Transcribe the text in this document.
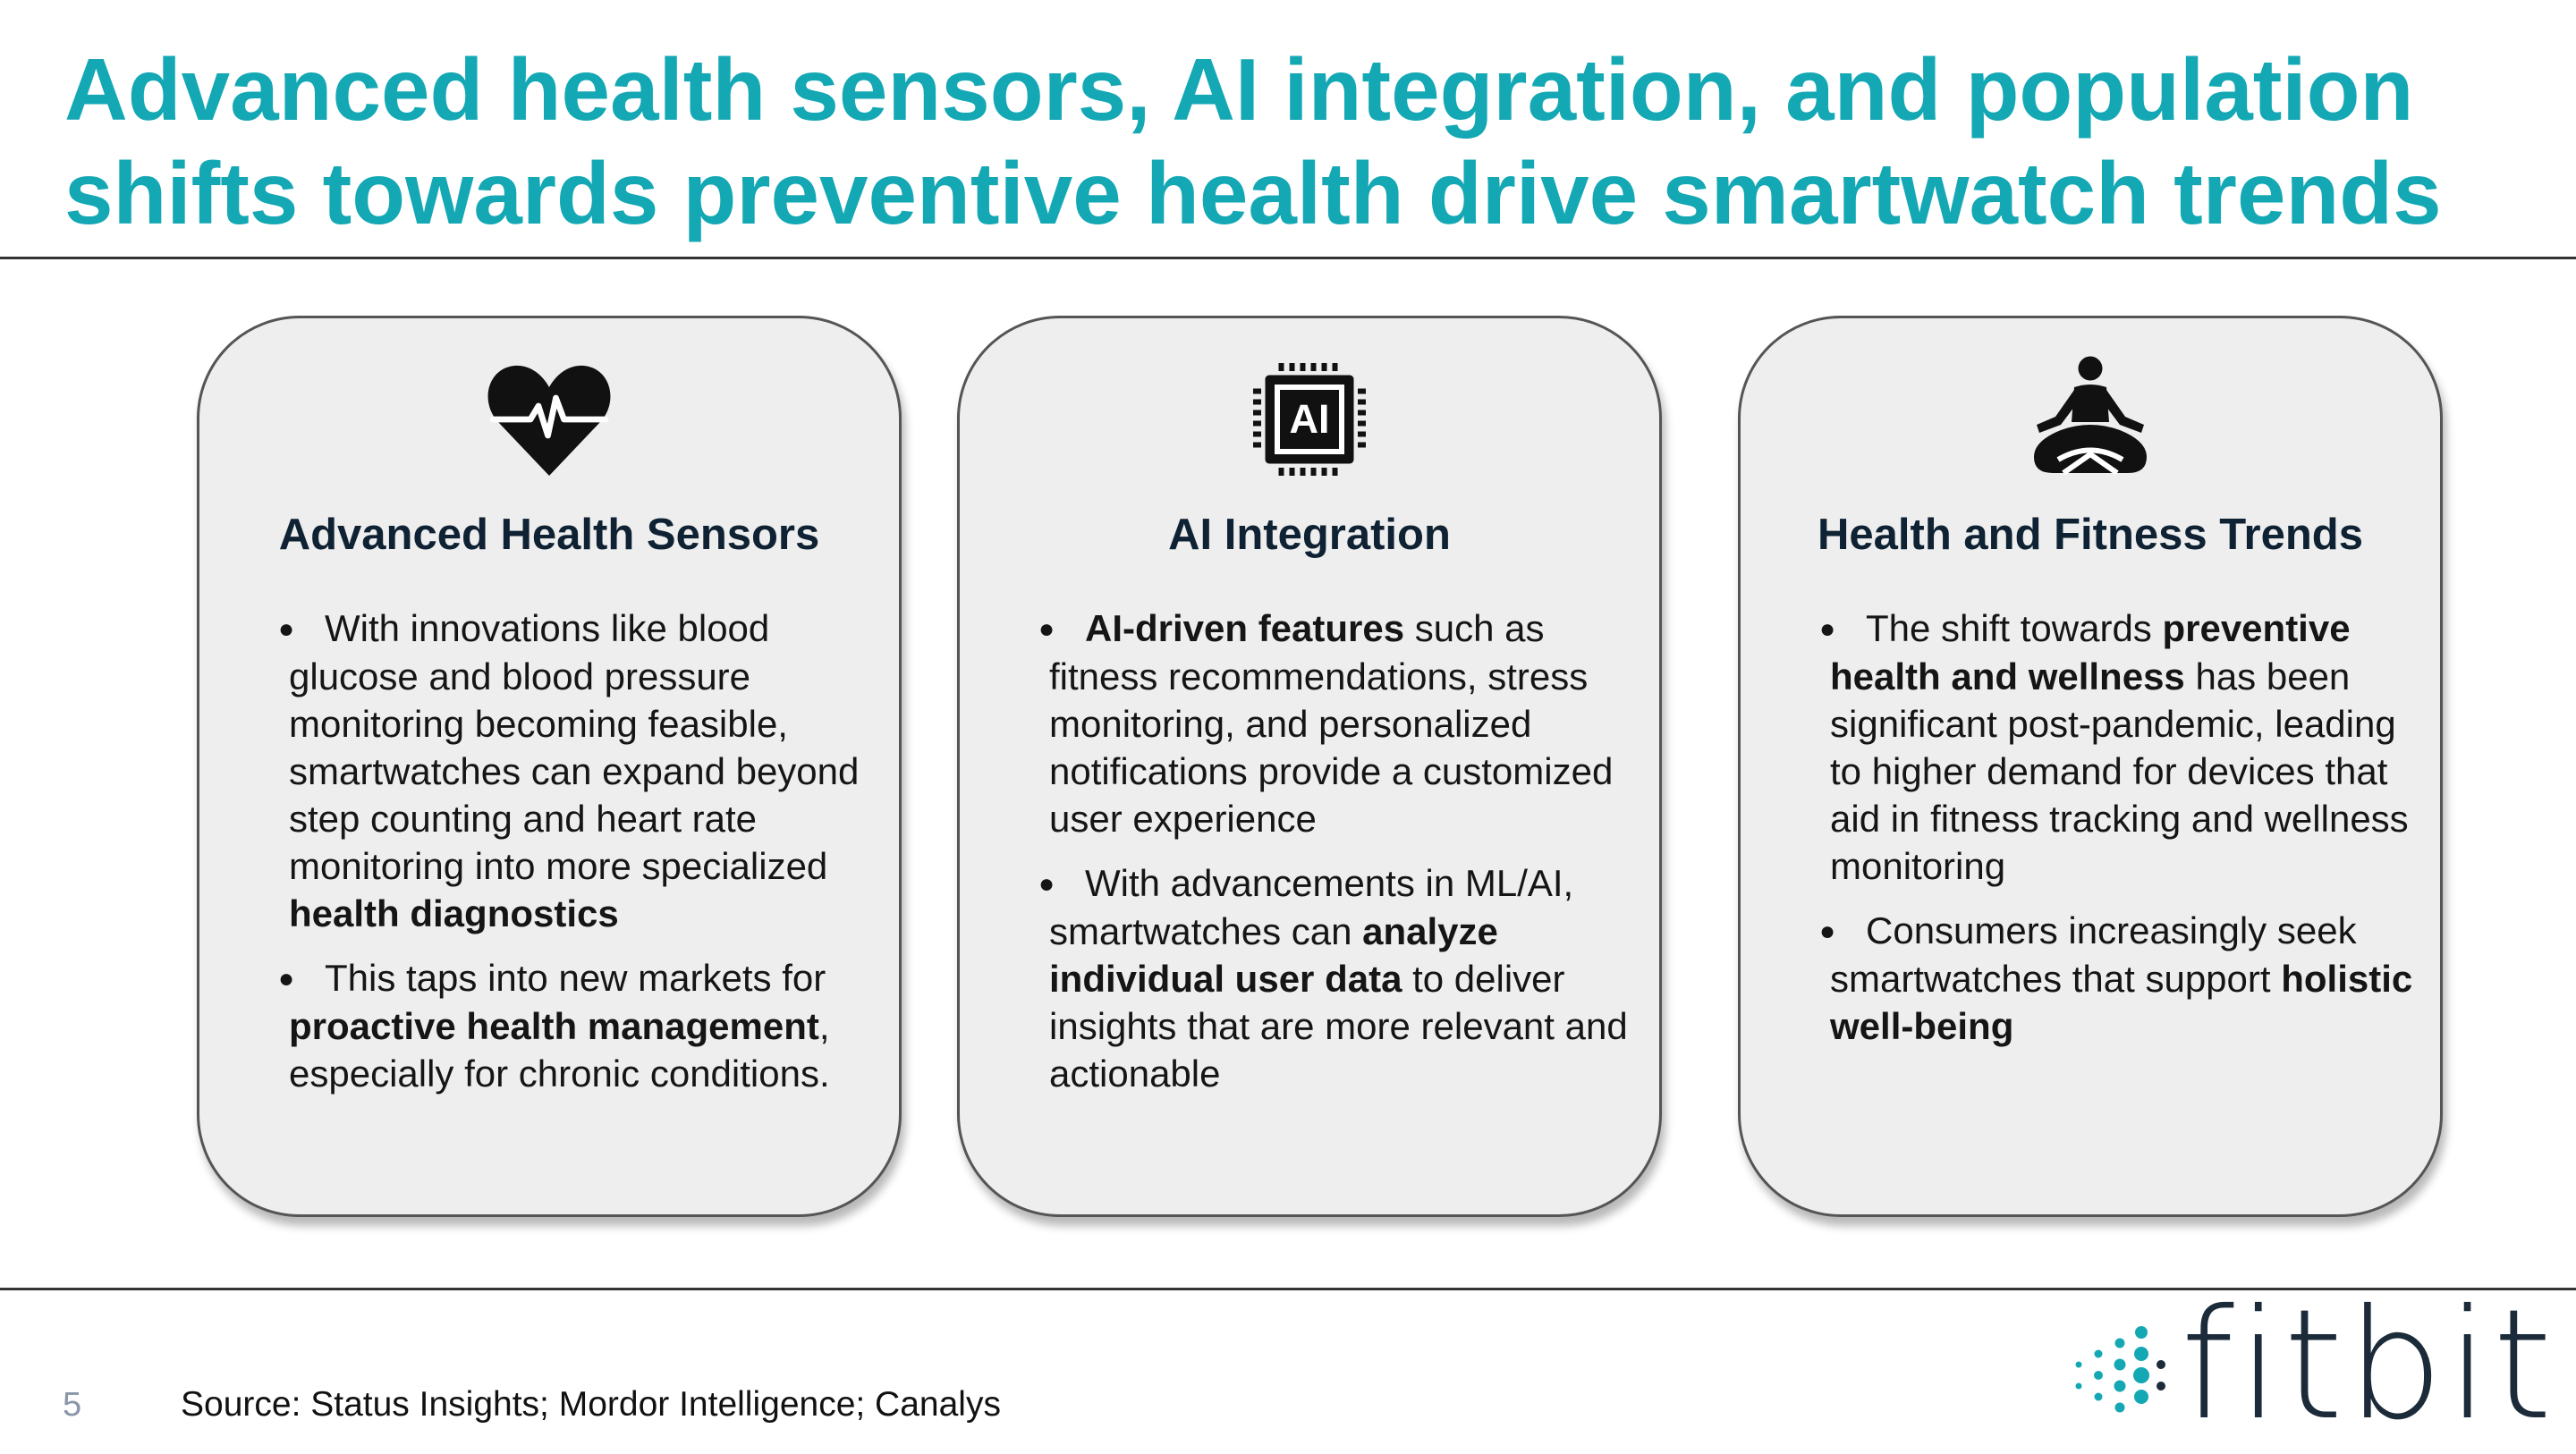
Advanced health sensors, AI integration, and population shifts towards preventive health drive smartwatch trends
Advanced Health Sensors
● With innovations like blood glucose and blood pressure monitoring becoming feasible, smartwatches can expand beyond step counting and heart rate monitoring into more specialized health diagnostics
● This taps into new markets for proactive health management, especially for chronic conditions.
AI
AI Integration
● AI-driven features such as fitness recommendations, stress monitoring, and personalized notifications provide a customized user experience
● With advancements in ML/AI, smartwatches can analyze individual user data to deliver insights that are more relevant and actionable
Health and Fitness Trends
● The shift towards preventive health and wellness has been significant post-pandemic, leading to higher demand for devices that aid in fitness tracking and wellness monitoring
● Consumers increasingly seek smartwatches that support holistic well-being
5	Source: Status Insights; Mordor Intelligence; Canalys	fitbit
